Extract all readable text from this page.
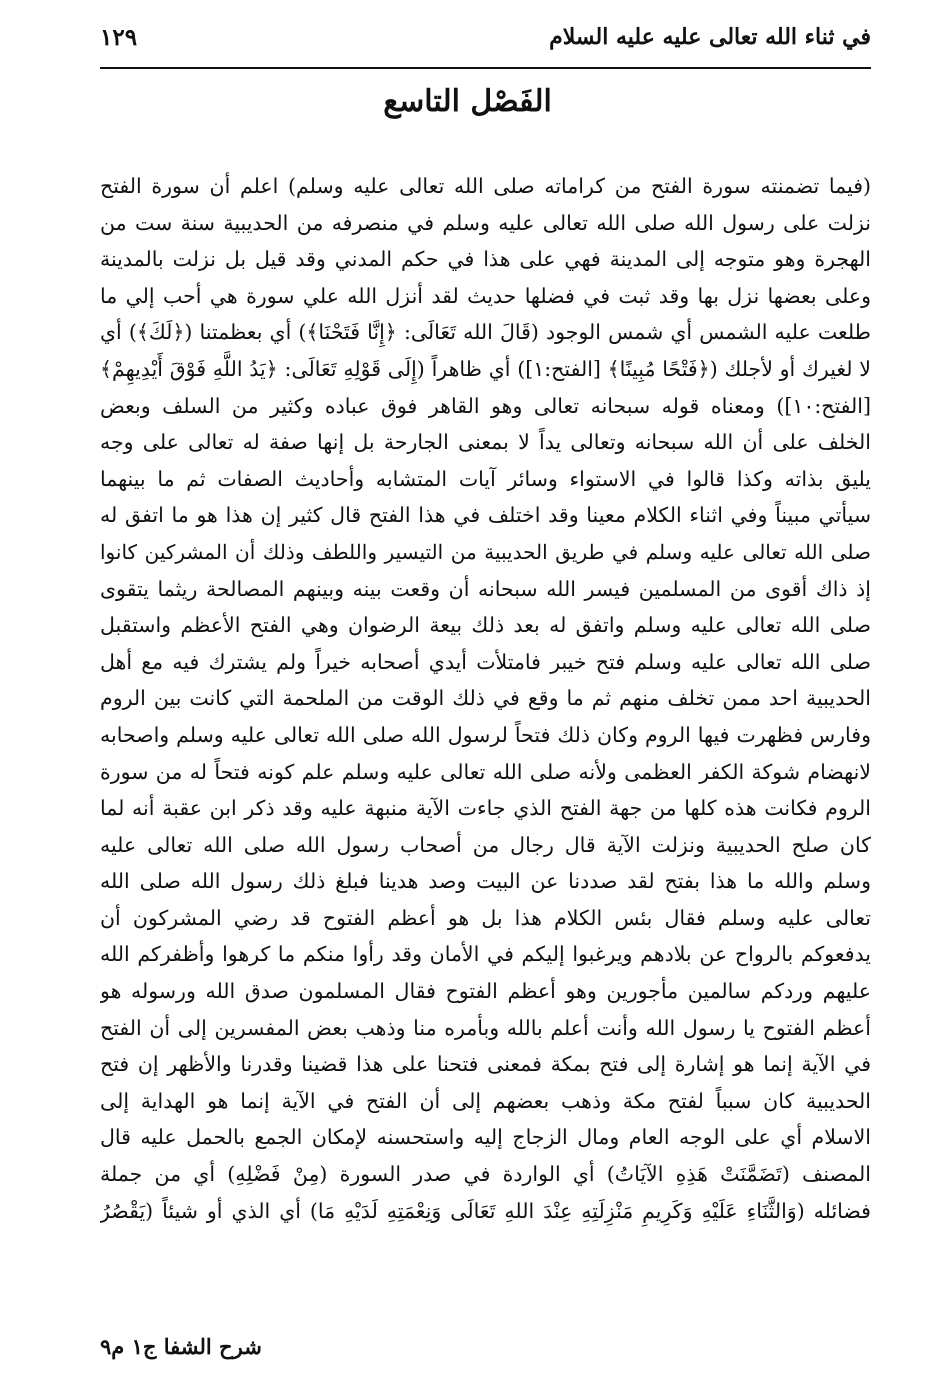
في ثناء الله تعالى عليه عليه السلام
١٢٩
الفَصْل التاسع
(فيما تضمنته سورة الفتح من كراماته صلى الله تعالى عليه وسلم) اعلم أن سورة الفتح
نزلت على رسول الله صلى الله تعالى عليه وسلم في منصرفه من الحديبية سنة ست من
الهجرة وهو متوجه إلى المدينة فهي على هذا في حكم المدني وقد قيل بل نزلت بالمدينة
وعلى بعضها نزل بها وقد ثبت في فضلها حديث لقد أنزل الله علي سورة هي أحب إلي ما
طلعت عليه الشمس أي شمس الوجود (قَالَ الله تَعَالَى: ﴿إِنَّا فَتَحْنَا﴾) أي بعظمتنا (﴿لَكَ﴾) أي
لا لغيرك أو لأجلك (﴿فَتْحًا مُبِينًا﴾ [الفتح:١]) أي ظاهراً (إِلَى قَوْلِهِ تَعَالَى: ﴿يَدُ اللَّهِ فَوْقَ أَيْدِيهِمْ﴾
[الفتح:١٠]) ومعناه قوله سبحانه تعالى وهو القاهر فوق عباده وكثير من السلف وبعض
الخلف على أن الله سبحانه وتعالى يداً لا بمعنى الجارحة بل إنها صفة له تعالى على وجه
يليق بذاته وكذا قالوا في الاستواء وسائر آيات المتشابه وأحاديث الصفات ثم ما بينهما
سيأتي مبيناً وفي اثناء الكلام معينا وقد اختلف في هذا الفتح قال كثير إن هذا هو ما اتفق له
صلى الله تعالى عليه وسلم في طريق الحديبية من التيسير واللطف وذلك أن المشركين كانوا
إذ ذاك أقوى من المسلمين فيسر الله سبحانه أن وقعت بينه وبينهم المصالحة ريثما يتقوى
صلى الله تعالى عليه وسلم واتفق له بعد ذلك بيعة الرضوان وهي الفتح الأعظم واستقبل
صلى الله تعالى عليه وسلم فتح خيبر فامتلأت أيدي أصحابه خيراً ولم يشترك فيه مع أهل
الحديبية احد ممن تخلف منهم ثم ما وقع في ذلك الوقت من الملحمة التي كانت بين الروم
وفارس فظهرت فيها الروم وكان ذلك فتحاً لرسول الله صلى الله تعالى عليه وسلم واصحابه
لانهضام شوكة الكفر العظمى ولأنه صلى الله تعالى عليه وسلم علم كونه فتحاً له من سورة
الروم فكانت هذه كلها من جهة الفتح الذي جاءت الآية منبهة عليه وقد ذكر ابن عقبة أنه لما
كان صلح الحديبية ونزلت الآية قال رجال من أصحاب رسول الله صلى الله تعالى عليه
وسلم والله ما هذا بفتح لقد صددنا عن البيت وصد هدينا فبلغ ذلك رسول الله صلى الله
تعالى عليه وسلم فقال بئس الكلام هذا بل هو أعظم الفتوح قد رضي المشركون أن
يدفعوكم بالرواح عن بلادهم ويرغبوا إليكم في الأمان وقد رأوا منكم ما كرهوا وأظفركم الله
عليهم وردكم سالمين مأجورين وهو أعظم الفتوح فقال المسلمون صدق الله ورسوله هو
أعظم الفتوح يا رسول الله وأنت أعلم بالله وبأمره منا وذهب بعض المفسرين إلى أن الفتح
في الآية إنما هو إشارة إلى فتح بمكة فمعنى فتحنا على هذا قضينا وقدرنا والأظهر إن فتح
الحديبية كان سبباً لفتح مكة وذهب بعضهم إلى أن الفتح في الآية إنما هو الهداية إلى
الاسلام أي على الوجه العام ومال الزجاج إليه واستحسنه لإمكان الجمع بالحمل عليه قال
المصنف (تَضَمَّنَتْ هَذِهِ الآيَاتُ) أي الواردة في صدر السورة (مِنْ فَضْلِهِ) أي من جملة
فضائله (وَالثَّنَاءِ عَلَيْهِ وَكَرِيمِ مَنْزِلَتِهِ عِنْدَ اللهِ تَعَالَى وَنِعْمَتِهِ لَدَيْهِ مَا) أي الذي أو شيئاً (يَقْصُرُ
شرح الشفا ج١ م٩
